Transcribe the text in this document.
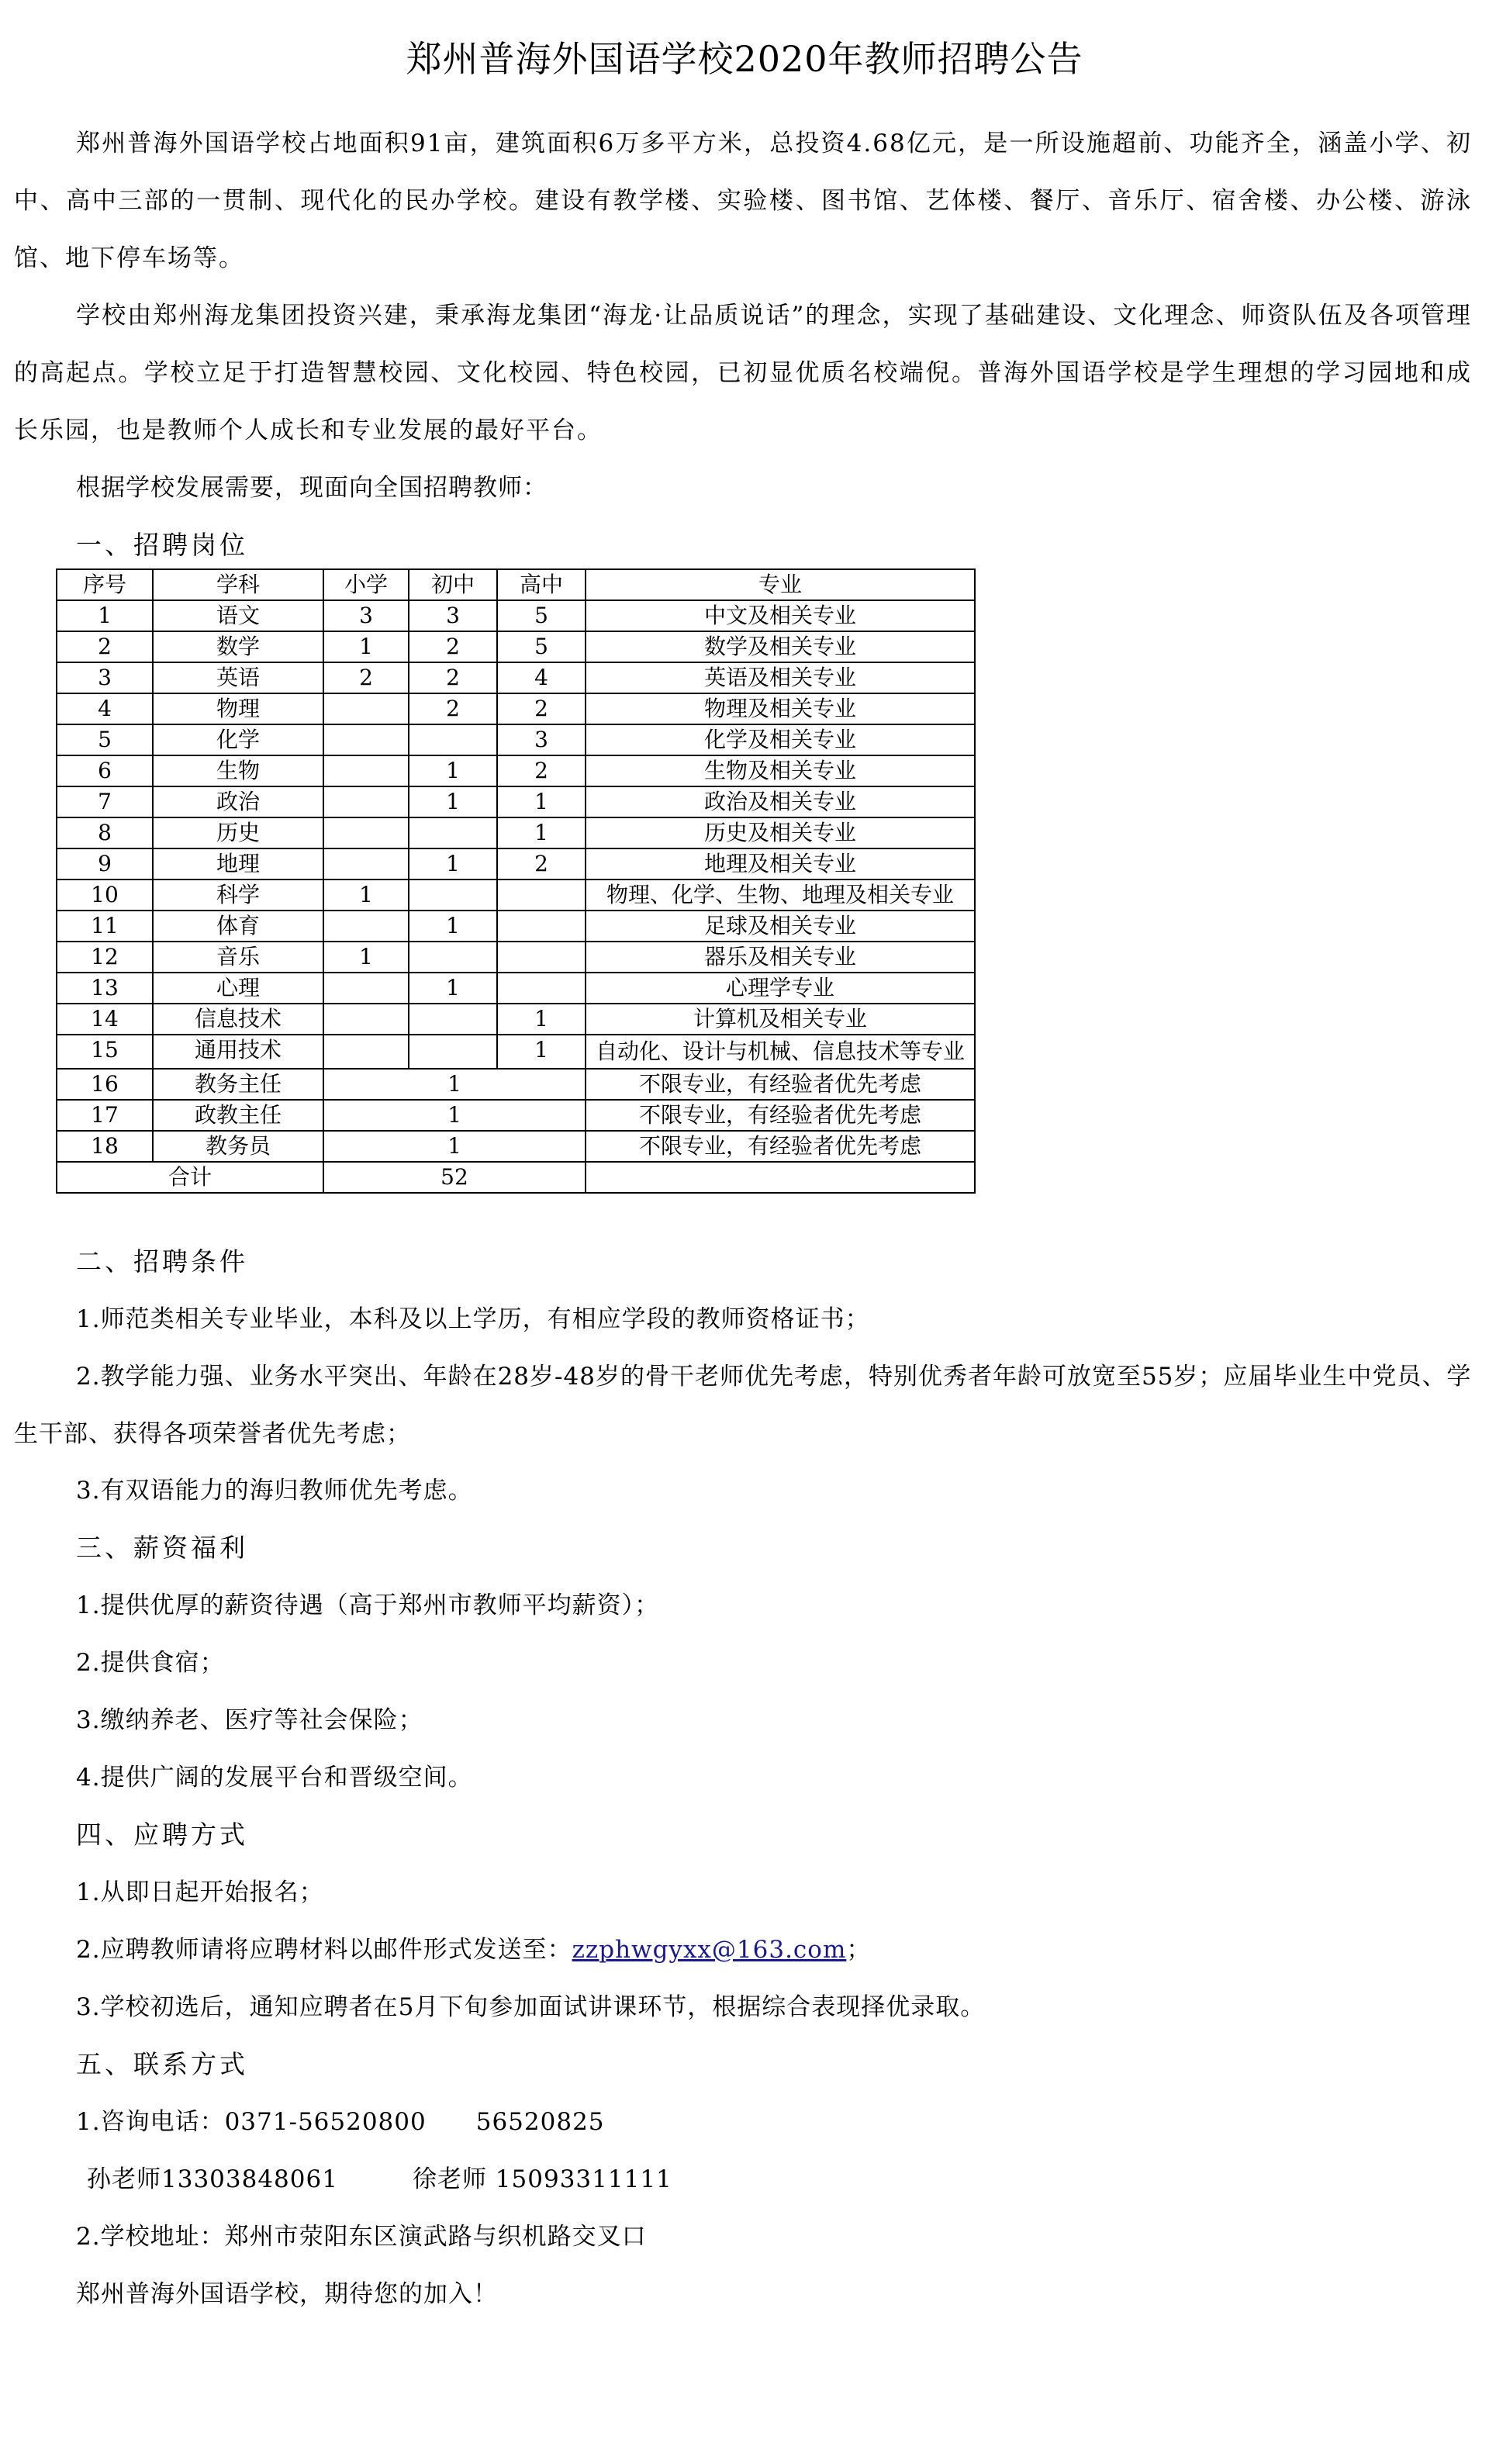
郑州普海外国语学校2020年教师招聘公告

郑州普海外国语学校占地面积91亩，建筑面积6万多平方米，总投资4.68亿元，是一所设施超前、功能齐全，涵盖小学、初中、高中三部的一贯制、现代化的民办学校。建设有教学楼、实验楼、图书馆、艺体楼、餐厅、音乐厅、宿舍楼、办公楼、游泳馆、地下停车场等。

学校由郑州海龙集团投资兴建，秉承海龙集团“海龙·让品质说话”的理念，实现了基础建设、文化理念、师资队伍及各项管理的高起点。学校立足于打造智慧校园、文化校园、特色校园，已初显优质名校端倪。普海外国语学校是学生理想的学习园地和成长乐园，也是教师个人成长和专业发展的最好平台。

根据学校发展需要，现面向全国招聘教师：
一、招聘岗位
序号	学科	小学	初中	高中	专业
1	语文	3	3	5	中文及相关专业
2	数学	1	2	5	数学及相关专业
3	英语	2	2	4	英语及相关专业
4	物理		2	2	物理及相关专业
5	化学			3	化学及相关专业
6	生物		1	2	生物及相关专业
7	政治		1	1	政治及相关专业
8	历史			1	历史及相关专业
9	地理		1	2	地理及相关专业
10	科学	1			物理、化学、生物、地理及相关专业
11	体育		1		足球及相关专业
12	音乐	1			器乐及相关专业
13	心理		1		心理学专业
14	信息技术			1	计算机及相关专业
15	通用技术			1	自动化、设计与机械、信息技术等专业
16	教务主任	1			不限专业，有经验者优先考虑
17	政教主任	1			不限专业，有经验者优先考虑
18	教务员	1			不限专业，有经验者优先考虑
合计		52			
二、招聘条件
1.师范类相关专业毕业，本科及以上学历，有相应学段的教师资格证书；

2.教学能力强、业务水平突出、年龄在28岁-48岁的骨干老师优先考虑，特别优秀者年龄可放宽至55岁；应届毕业生中党员、学生干部、获得各项荣誉者优先考虑；

3.有双语能力的海归教师优先考虑。
三、薪资福利
1.提供优厚的薪资待遇（高于郑州市教师平均薪资）；
2.提供食宿；
3.缴纳养老、医疗等社会保险；
4.提供广阔的发展平台和晋级空间。
四、应聘方式
1.从即日起开始报名；
2.应聘教师请将应聘材料以邮件形式发送至：zzphwgyxx@163.com；
3.学校初选后，通知应聘者在5月下旬参加面试讲课环节，根据综合表现择优录取。
五、联系方式
1.咨询电话：0371-56520800　　56520825
孙老师13303848061　　　徐老师 15093311111
2.学校地址：郑州市荥阳东区演武路与织机路交叉口
郑州普海外国语学校，期待您的加入！
